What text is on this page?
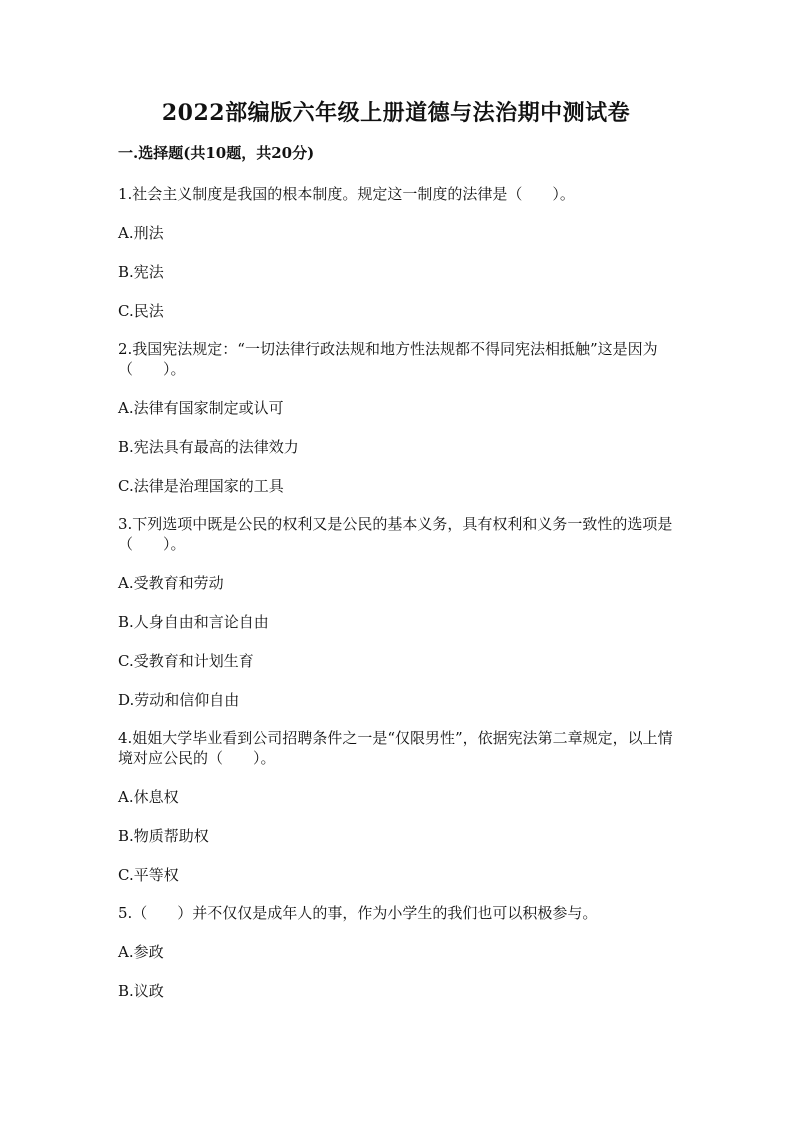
2022部编版六年级上册道德与法治期中测试卷
一.选择题(共10题，共20分)
1.社会主义制度是我国的根本制度。规定这一制度的法律是（　　）。
A.刑法
B.宪法
C.民法
2.我国宪法规定：“一切法律行政法规和地方性法规都不得同宪法相抵触”这是因为（　　）。
A.法律有国家制定或认可
B.宪法具有最高的法律效力
C.法律是治理国家的工具
3.下列选项中既是公民的权利又是公民的基本义务，具有权利和义务一致性的选项是（　　）。
A.受教育和劳动
B.人身自由和言论自由
C.受教育和计划生育
D.劳动和信仰自由
4.姐姐大学毕业看到公司招聘条件之一是“仅限男性”，依据宪法第二章规定，以上情境对应公民的（　　）。
A.休息权
B.物质帮助权
C.平等权
5.（　　）并不仅仅是成年人的事，作为小学生的我们也可以积极参与。
A.参政
B.议政
